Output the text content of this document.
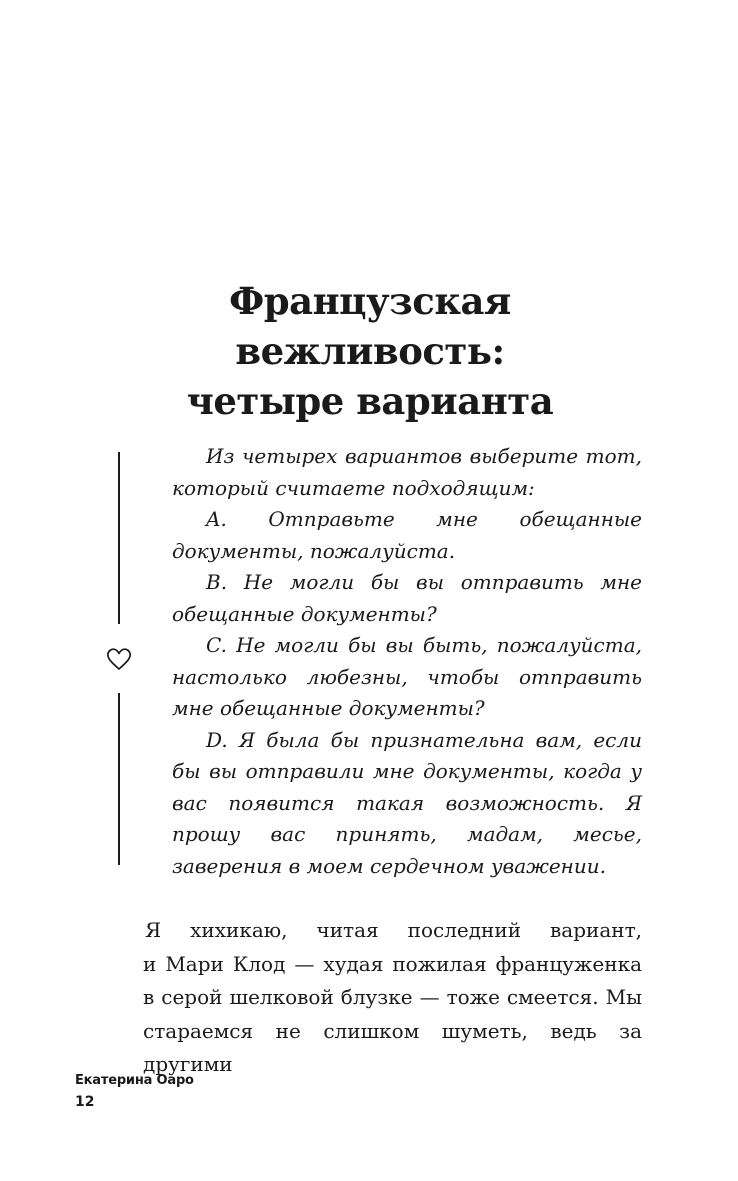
Французская вежливость:
четыре варианта

Из четырех вариантов выберите тот, который считаете подходящим:

A. Отправьте мне обещанные документы, пожалуйста.

B. Не могли бы вы отправить мне обещанные документы?

C. Не могли бы вы быть, пожалуйста, настолько любезны, чтобы отправить мне обещанные документы?

D. Я была бы признательна вам, если бы вы отправили мне документы, когда у вас появится такая возможность. Я прошу вас принять, мадам, месье, заверения в моем сердечном уважении.

Я хихикаю, читая последний вариант,
и Мари Клод — худая пожилая француженка
в серой шелковой блузке — тоже смеется. Мы
стараемся не слишком шуметь, ведь за другими
Екатерина Оаро
12
